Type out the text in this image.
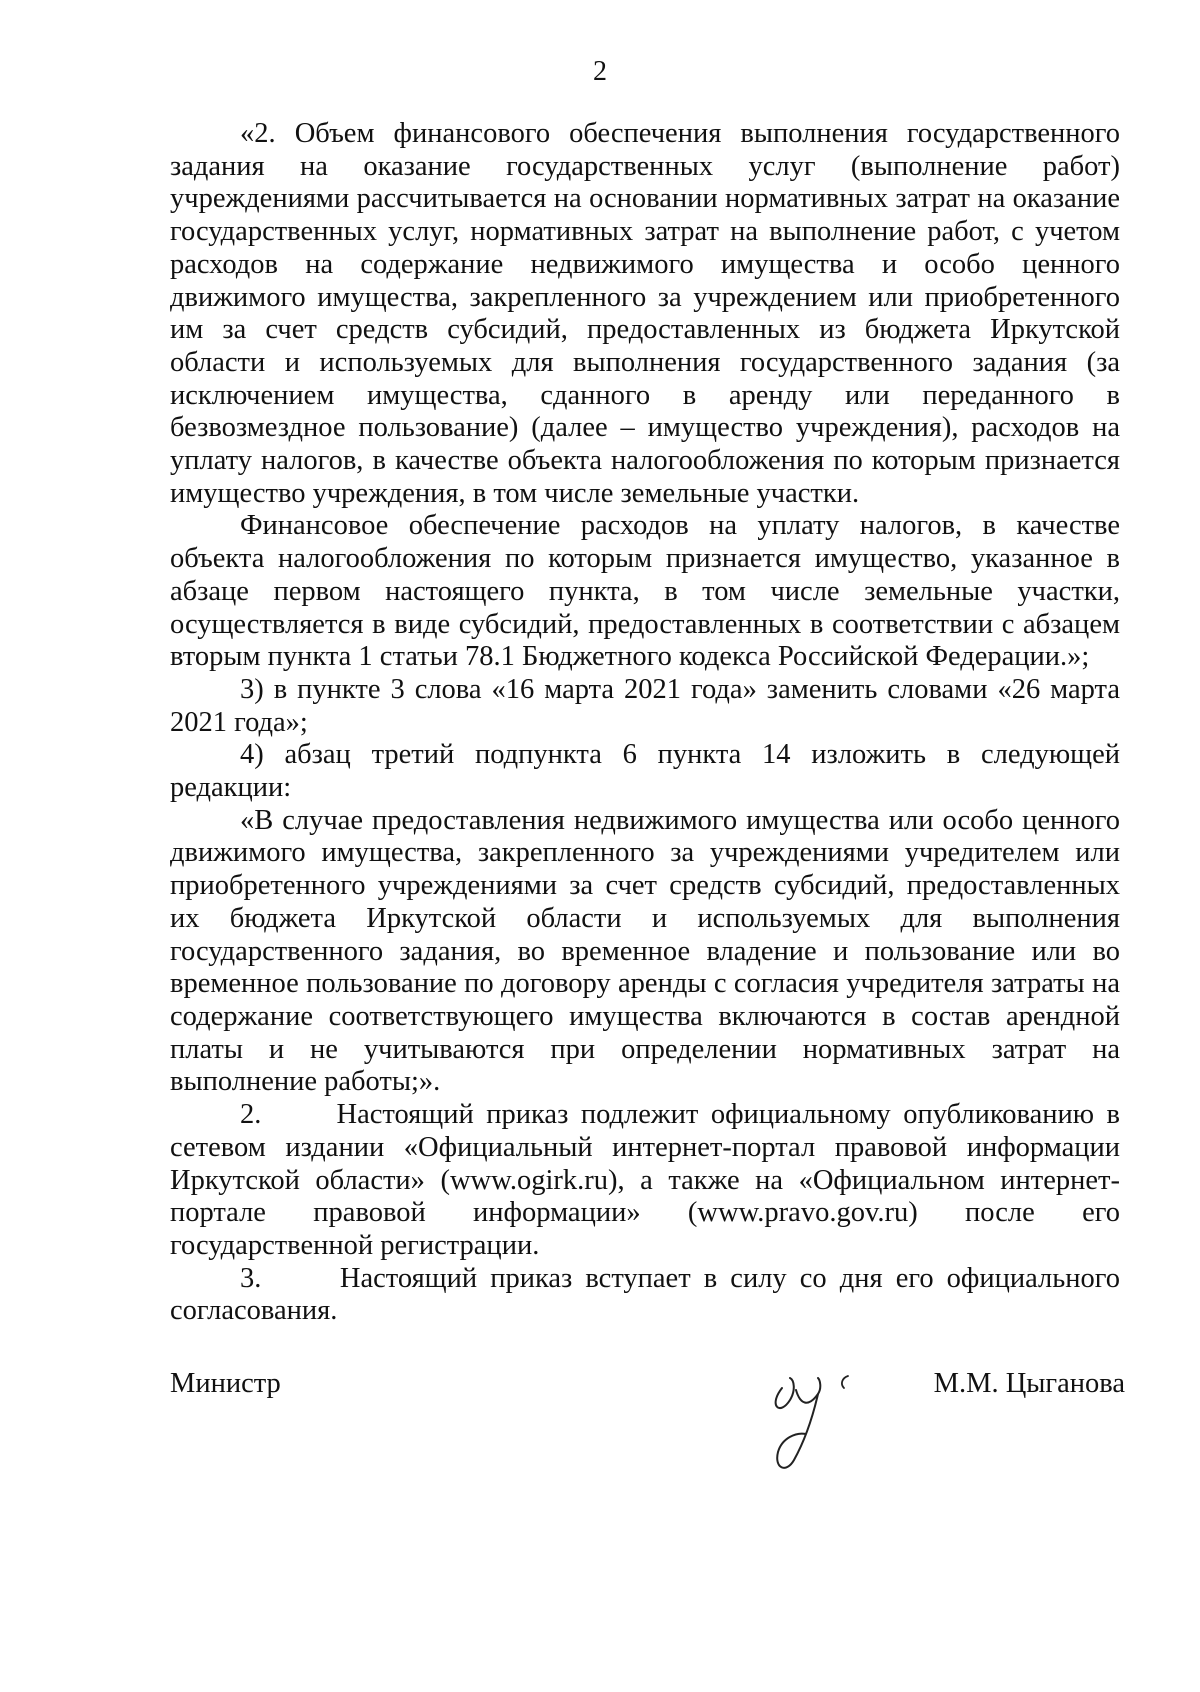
2

«2. Объем финансового обеспечения выполнения государственного задания на оказание государственных услуг (выполнение работ) учреждениями рассчитывается на основании нормативных затрат на оказание государственных услуг, нормативных затрат на выполнение работ, с учетом расходов на содержание недвижимого имущества и особо ценного движимого имущества, закрепленного за учреждением или приобретенного им за счет средств субсидий, предоставленных из бюджета Иркутской области и используемых для выполнения государственного задания (за исключением имущества, сданного в аренду или переданного в безвозмездное пользование) (далее – имущество учреждения), расходов на уплату налогов, в качестве объекта налогообложения по которым признается имущество учреждения, в том числе земельные участки.

Финансовое обеспечение расходов на уплату налогов, в качестве объекта налогообложения по которым признается имущество, указанное в абзаце первом настоящего пункта, в том числе земельные участки, осуществляется в виде субсидий, предоставленных в соответствии с абзацем вторым пункта 1 статьи 78.1 Бюджетного кодекса Российской Федерации.»;

3) в пункте 3 слова «16 марта 2021 года» заменить словами «26 марта 2021 года»;

4) абзац третий подпункта 6 пункта 14 изложить в следующей редакции:

«В случае предоставления недвижимого имущества или особо ценного движимого имущества, закрепленного за учреждениями учредителем или приобретенного учреждениями за счет средств субсидий, предоставленных их бюджета Иркутской области и используемых для выполнения государственного задания, во временное владение и пользование или во временное пользование по договору аренды с согласия учредителя затраты на содержание соответствующего имущества включаются в состав арендной платы и не учитываются при определении нормативных затрат на выполнение работы;».

2.      Настоящий приказ подлежит официальному опубликованию в сетевом издании «Официальный интернет-портал правовой информации Иркутской области» (www.ogirk.ru), а также на «Официальном интернет-портале правовой информации» (www.pravo.gov.ru) после его государственной регистрации.

3.      Настоящий приказ вступает в силу со дня его официального согласования.

Министр	М.М. Цыганова
